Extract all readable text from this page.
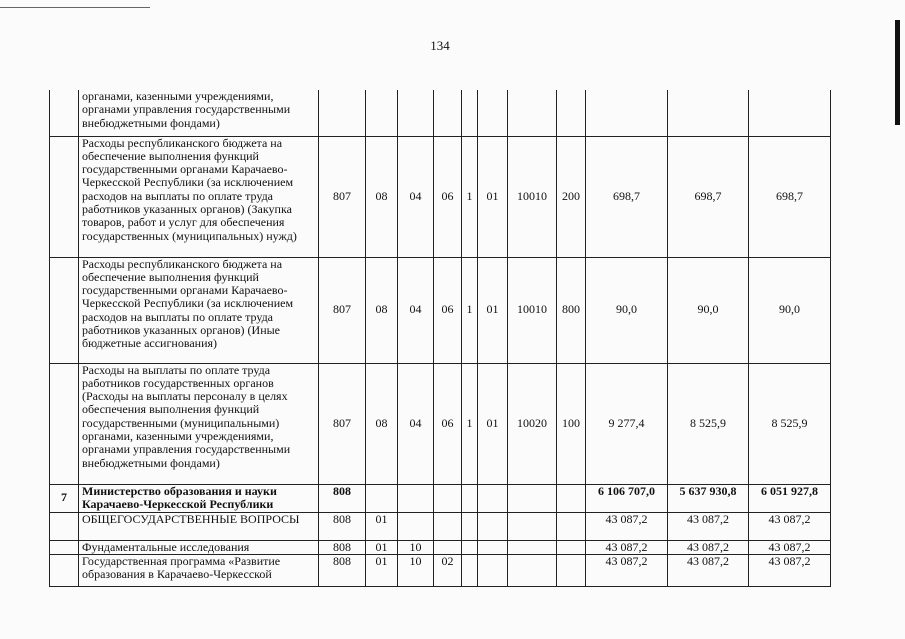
134
	органами, казенными учреждениями, органами управления государственными внебюджетными фондами)											
	Расходы республиканского бюджета на обеспечение выполнения функций государственными органами Карачаево-Черкесской Республики (за исключением расходов на выплаты по оплате труда работников указанных органов) (Закупка товаров, работ и услуг для обеспечения государственных (муниципальных) нужд)	807	08	04	06	1	01	10010	200	698,7	698,7	698,7
	Расходы республиканского бюджета на обеспечение выполнения функций государственными органами Карачаево-Черкесской Республики (за исключением расходов на выплаты по оплате труда работников указанных органов) (Иные бюджетные ассигнования)	807	08	04	06	1	01	10010	800	90,0	90,0	90,0
	Расходы на выплаты по оплате труда работников государственных органов (Расходы на выплаты персоналу в целях обеспечения выполнения функций государственными (муниципальными) органами, казенными учреждениями, органами управления государственными внебюджетными фондами)	807	08	04	06	1	01	10020	100	9 277,4	8 525,9	8 525,9
7	Министерство образования и науки Карачаево-Черкесской Республики	808								6 106 707,0	5 637 930,8	6 051 927,8
	ОБЩЕГОСУДАРСТВЕННЫЕ ВОПРОСЫ	808	01							43 087,2	43 087,2	43 087,2
	Фундаментальные исследования	808	01	10						43 087,2	43 087,2	43 087,2
	Государственная программа «Развитие образования в Карачаево-Черкесской	808	01	10	02					43 087,2	43 087,2	43 087,2
